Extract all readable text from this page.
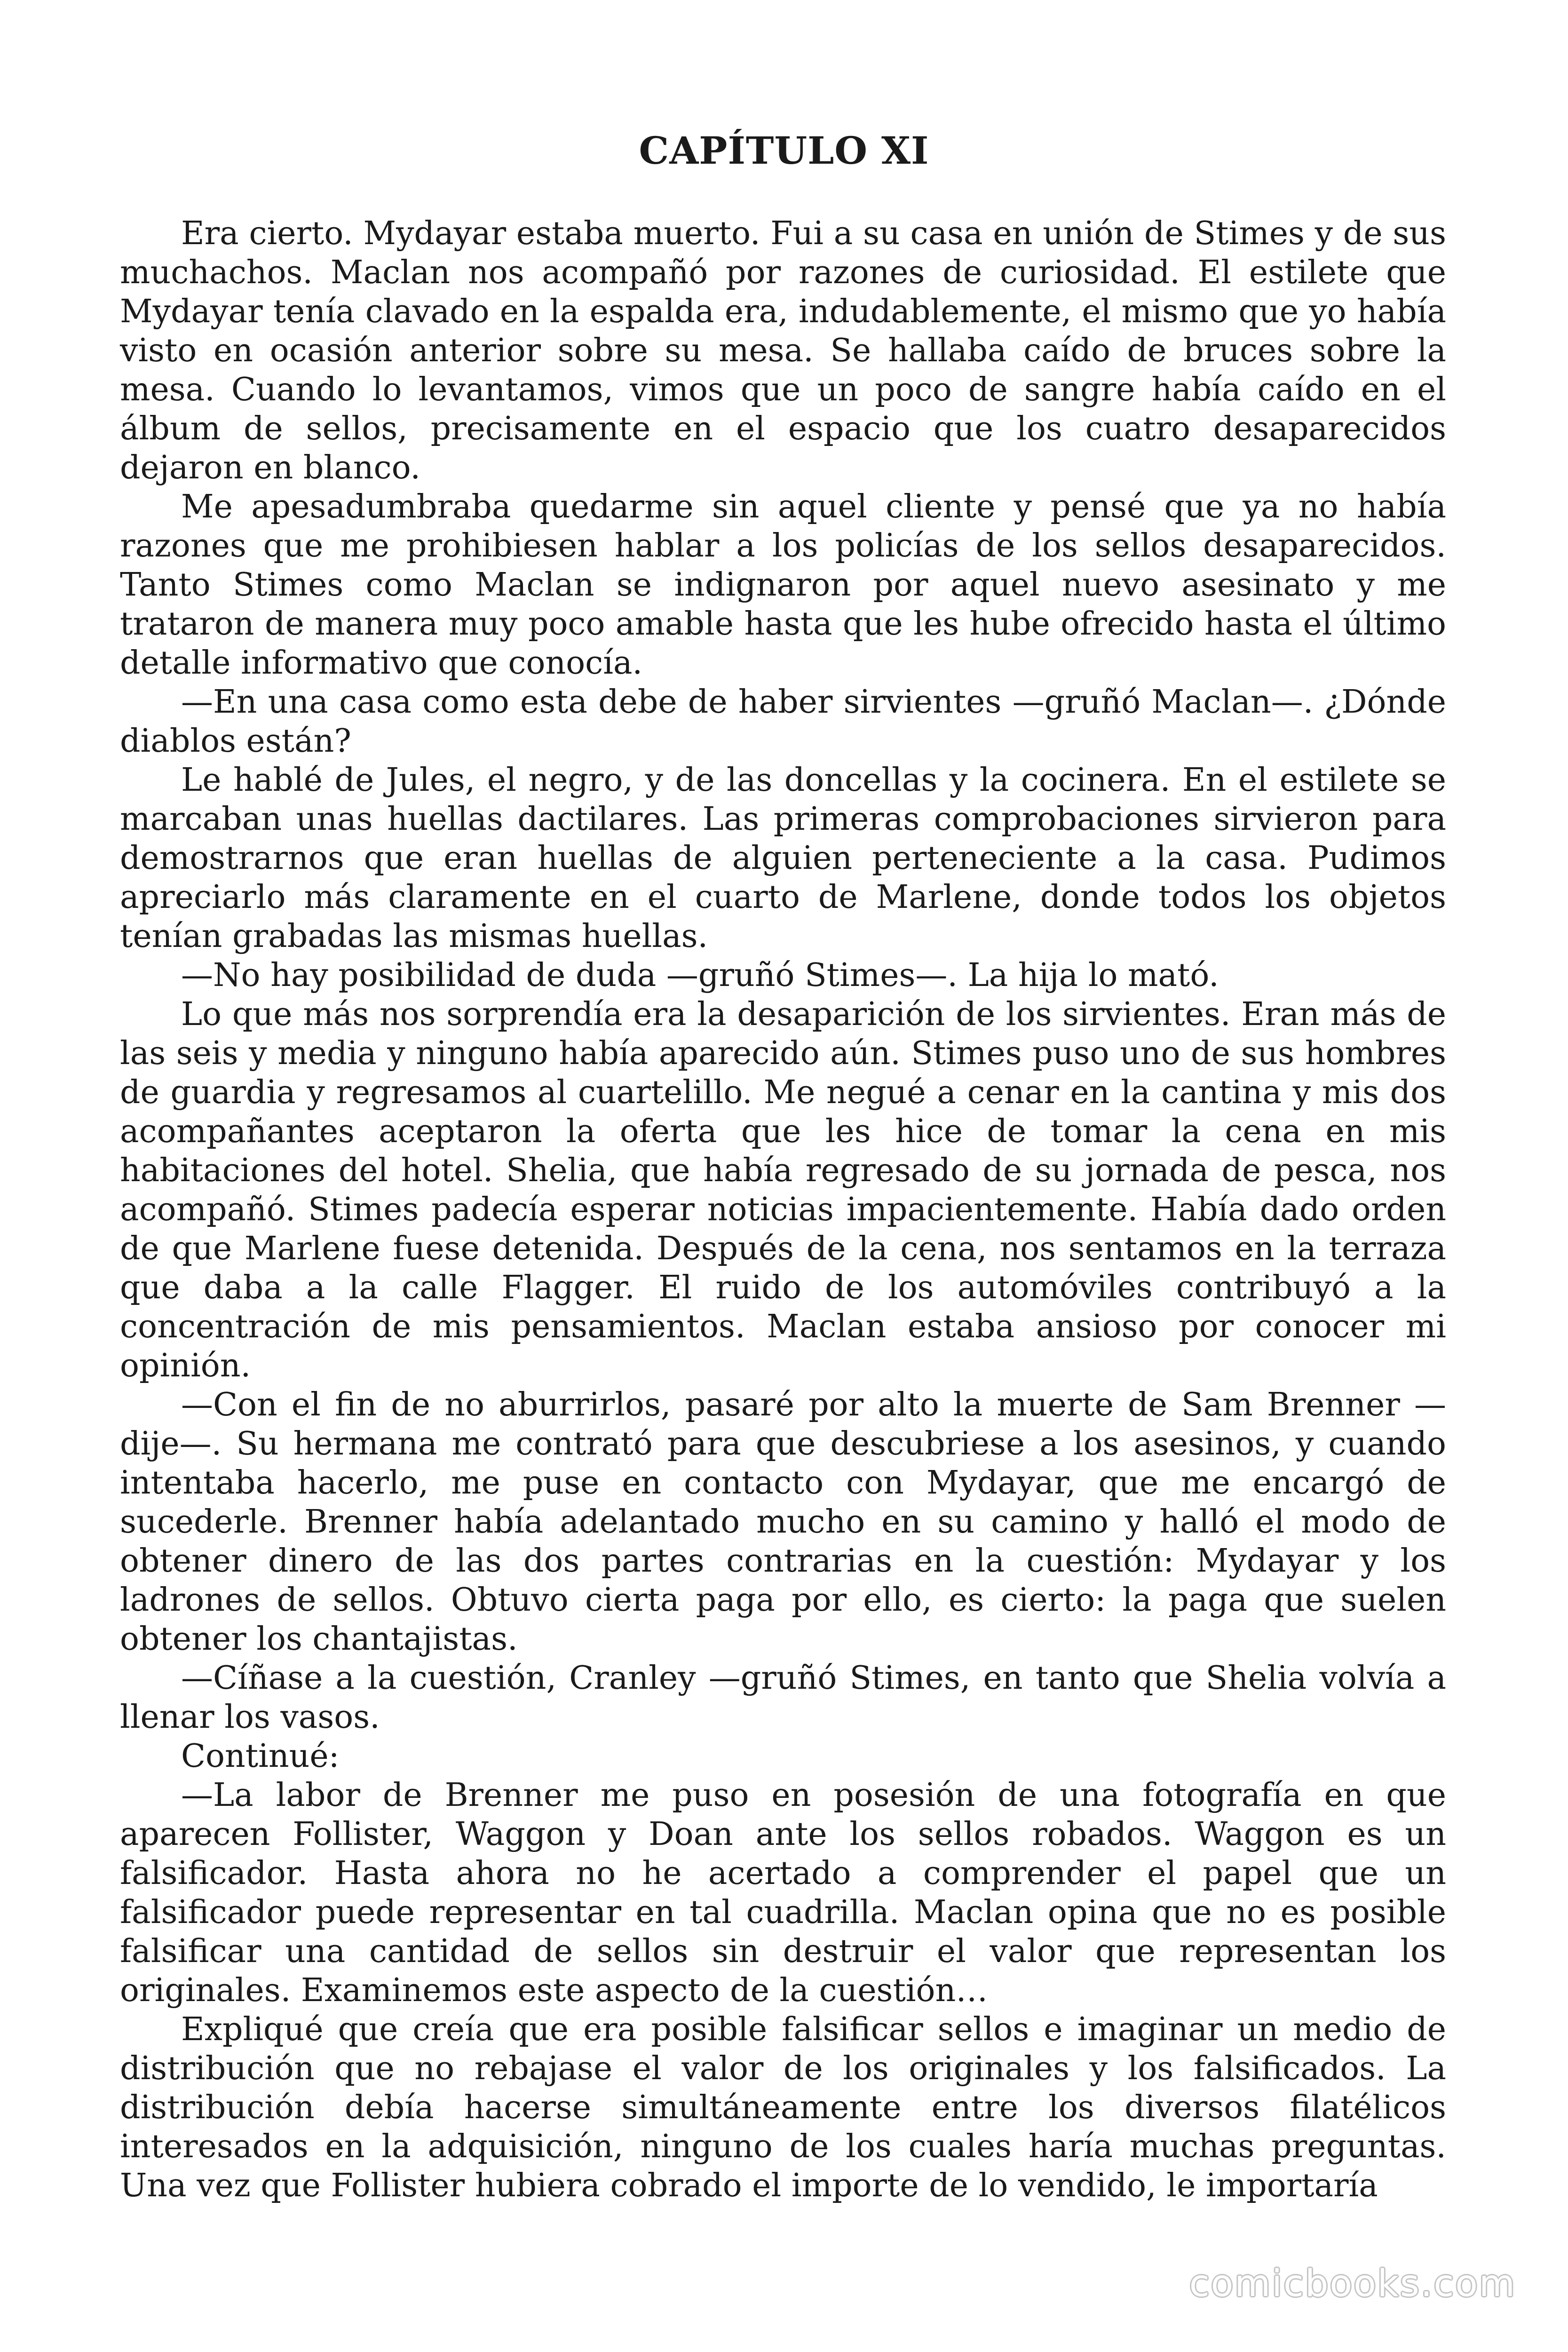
CAPÍTULO XI

Era cierto. Mydayar estaba muerto. Fui a su casa en unión de Stimes y de sus muchachos. Maclan nos acompañó por razones de curiosidad. El estilete que Mydayar tenía clavado en la espalda era, indudablemente, el mismo que yo había visto en ocasión anterior sobre su mesa. Se hallaba caído de bruces sobre la mesa. Cuando lo levantamos, vimos que un poco de sangre había caído en el álbum de sellos, precisamente en el espacio que los cuatro desaparecidos dejaron en blanco.

Me apesadumbraba quedarme sin aquel cliente y pensé que ya no había razones que me prohibiesen hablar a los policías de los sellos desaparecidos. Tanto Stimes como Maclan se indignaron por aquel nuevo asesinato y me trataron de manera muy poco amable hasta que les hube ofrecido hasta el último detalle informativo que conocía.

—En una casa como esta debe de haber sirvientes —gruñó Maclan—. ¿Dónde diablos están?

Le hablé de Jules, el negro, y de las doncellas y la cocinera. En el estilete se marcaban unas huellas dactilares. Las primeras comprobaciones sirvieron para demostrarnos que eran huellas de alguien perteneciente a la casa. Pudimos apreciarlo más claramente en el cuarto de Marlene, donde todos los objetos tenían grabadas las mismas huellas.

—No hay posibilidad de duda —gruñó Stimes—. La hija lo mató.

Lo que más nos sorprendía era la desaparición de los sirvientes. Eran más de las seis y media y ninguno había aparecido aún. Stimes puso uno de sus hombres de guardia y regresamos al cuartelillo. Me negué a cenar en la cantina y mis dos acompañantes aceptaron la oferta que les hice de tomar la cena en mis habitaciones del hotel. Shelia, que había regresado de su jornada de pesca, nos acompañó. Stimes padecía esperar noticias impacientemente. Había dado orden de que Marlene fuese detenida. Después de la cena, nos sentamos en la terraza que daba a la calle Flagger. El ruido de los automóviles contribuyó a la concentración de mis pensamientos. Maclan estaba ansioso por conocer mi opinión.

—Con el fin de no aburrirlos, pasaré por alto la muerte de Sam Brenner —dije—. Su hermana me contrató para que descubriese a los asesinos, y cuando intentaba hacerlo, me puse en contacto con Mydayar, que me encargó de sucederle. Brenner había adelantado mucho en su camino y halló el modo de obtener dinero de las dos partes contrarias en la cuestión: Mydayar y los ladrones de sellos. Obtuvo cierta paga por ello, es cierto: la paga que suelen obtener los chantajistas.

—Cíñase a la cuestión, Cranley —gruñó Stimes, en tanto que Shelia volvía a llenar los vasos.

Continué:

—La labor de Brenner me puso en posesión de una fotografía en que aparecen Follister, Waggon y Doan ante los sellos robados. Waggon es un falsificador. Hasta ahora no he acertado a comprender el papel que un falsificador puede representar en tal cuadrilla. Maclan opina que no es posible falsificar una cantidad de sellos sin destruir el valor que representan los originales. Examinemos este aspecto de la cuestión…

Expliqué que creía que era posible falsificar sellos e imaginar un medio de distribución que no rebajase el valor de los originales y los falsificados. La distribución debía hacerse simultáneamente entre los diversos filatélicos interesados en la adquisición, ninguno de los cuales haría muchas preguntas. Una vez que Follister hubiera cobrado el importe de lo vendido, le importaría

comicbooks.com
